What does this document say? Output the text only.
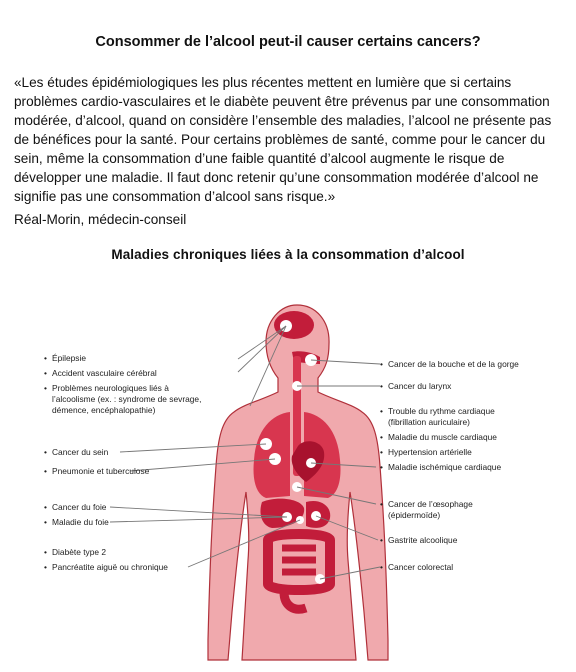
Consommer de l’alcool peut-il causer certains cancers?
«Les études épidémiologiques les plus récentes mettent en lumière que si certains problèmes cardio-vasculaires et le diabète peuvent être prévenus par une consommation modérée, d’alcool, quand on considère l’ensemble des maladies, l’alcool ne présente pas de bénéfices pour la santé. Pour certains problèmes de santé, comme pour le cancer du sein, même la consommation d’une faible quantité d’alcool augmente le risque de développer une maladie. Il faut donc retenir qu’une consommation modérée d’alcool ne signifie pas une consommation d’alcool sans risque.»
Réal-Morin, médecin-conseil
Maladies chroniques liées à la consommation d’alcool
• Épilepsie
• Accident vasculaire cérébral
• Problèmes neurologiques liés à
l’alcoolisme (ex. : syndrome de sevrage,
démence, encéphalopathie)
• Cancer du sein
• Pneumonie et tuberculose
• Cancer du foie
• Maladie du foie
• Diabète type 2
• Pancréatite aiguë ou chronique
• Cancer de la bouche et de la gorge
• Cancer du larynx
• Trouble du rythme cardiaque
(fibrillation auriculaire)
• Maladie du muscle cardiaque
• Hypertension artérielle
• Maladie ischémique cardiaque
• Cancer de l’œsophage
(épidermoïde)
• Gastrite alcoolique
• Cancer colorectal
